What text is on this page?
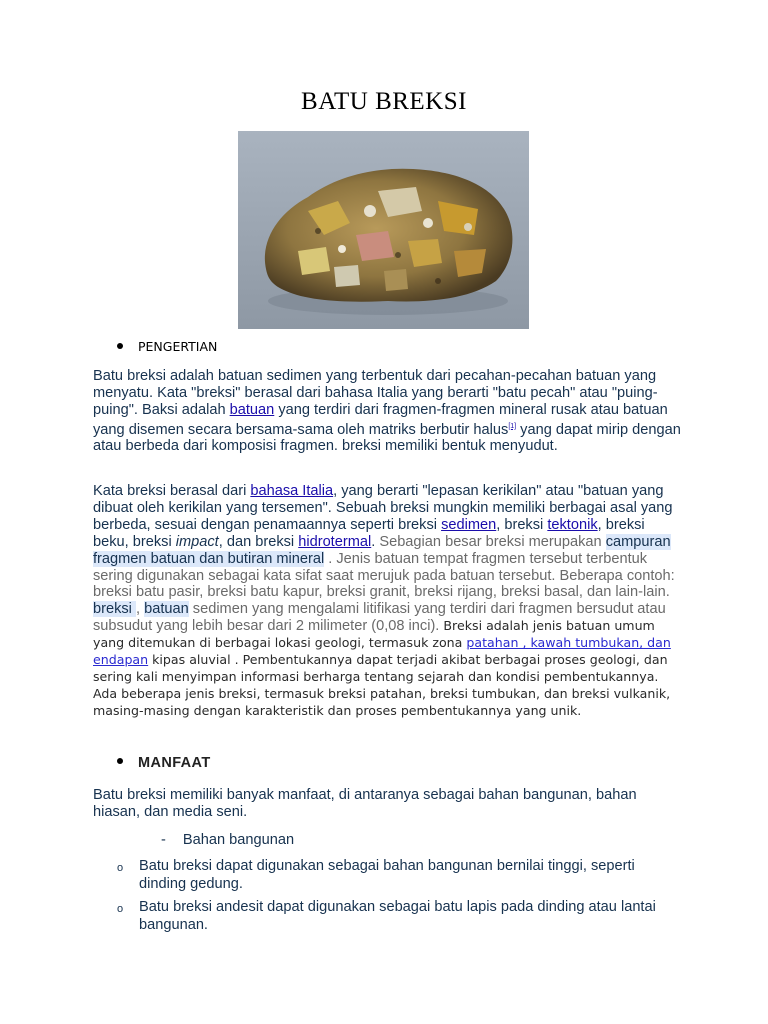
BATU BREKSI
PENGERTIAN
Batu breksi adalah batuan sedimen yang terbentuk dari pecahan-pecahan batuan yang menyatu. Kata "breksi" berasal dari bahasa Italia yang berarti "batu pecah" atau "puing-puing". Baksi adalah batuan yang terdiri dari fragmen-fragmen mineral rusak atau batuan yang disemen secara bersama-sama oleh matriks berbutir halus[1] yang dapat mirip dengan atau berbeda dari komposisi fragmen. breksi memiliki bentuk menyudut.
Kata breksi berasal dari bahasa Italia, yang berarti "lepasan kerikilan" atau "batuan yang dibuat oleh kerikilan yang tersemen". Sebuah breksi mungkin memiliki berbagai asal yang berbeda, sesuai dengan penamaannya seperti breksi sedimen, breksi tektonik, breksi beku, breksi impact, dan breksi hidrotermal. Sebagian besar breksi merupakan campuran fragmen batuan dan butiran mineral . Jenis batuan tempat fragmen tersebut terbentuk sering digunakan sebagai kata sifat saat merujuk pada batuan tersebut. Beberapa contoh: breksi batu pasir, breksi batu kapur, breksi granit, breksi rijang, breksi basal, dan lain-lain. breksi , batuan sedimen yang mengalami litifikasi yang terdiri dari fragmen bersudut atau subsudut yang lebih besar dari 2 milimeter (0,08 inci). Breksi adalah jenis batuan umum yang ditemukan di berbagai lokasi geologi, termasuk zona patahan , kawah tumbukan, dan endapan kipas aluvial . Pembentukannya dapat terjadi akibat berbagai proses geologi, dan sering kali menyimpan informasi berharga tentang sejarah dan kondisi pembentukannya. Ada beberapa jenis breksi, termasuk breksi patahan, breksi tumbukan, dan breksi vulkanik, masing-masing dengan karakteristik dan proses pembentukannya yang unik.
MANFAAT
Batu breksi memiliki banyak manfaat, di antaranya sebagai bahan bangunan, bahan hiasan, dan media seni.
- Bahan bangunan
o Batu breksi dapat digunakan sebagai bahan bangunan bernilai tinggi, seperti dinding gedung.
o Batu breksi andesit dapat digunakan sebagai batu lapis pada dinding atau lantai bangunan.
